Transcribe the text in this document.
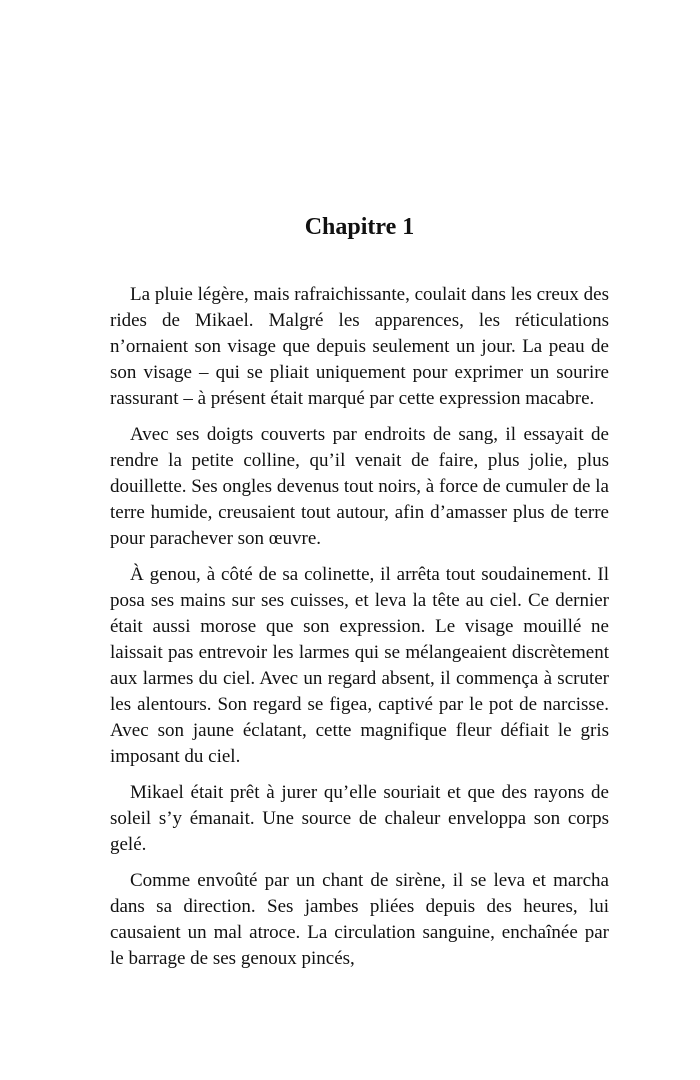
Chapitre 1

La pluie légère, mais rafraichissante, coulait dans les creux des rides de Mikael. Malgré les apparences, les réticulations n’ornaient son visage que depuis seulement un jour. La peau de son visage – qui se pliait uniquement pour exprimer un sourire rassurant – à présent était marqué par cette expression macabre.

Avec ses doigts couverts par endroits de sang, il essayait de rendre la petite colline, qu’il venait de faire, plus jolie, plus douillette. Ses ongles devenus tout noirs, à force de cumuler de la terre humide, creusaient tout autour, afin d’amasser plus de terre pour parachever son œuvre.

À genou, à côté de sa colinette, il arrêta tout soudainement. Il posa ses mains sur ses cuisses, et leva la tête au ciel. Ce dernier était aussi morose que son expression. Le visage mouillé ne laissait pas entrevoir les larmes qui se mélangeaient discrètement aux larmes du ciel. Avec un regard absent, il commença à scruter les alentours. Son regard se figea, captivé par le pot de narcisse. Avec son jaune éclatant, cette magnifique fleur défiait le gris imposant du ciel.

Mikael était prêt à jurer qu’elle souriait et que des rayons de soleil s’y émanait. Une source de chaleur enveloppa son corps gelé.

Comme envoûté par un chant de sirène, il se leva et marcha dans sa direction. Ses jambes pliées depuis des heures, lui causaient un mal atroce. La circulation sanguine, enchaînée par le barrage de ses genoux pincés,
